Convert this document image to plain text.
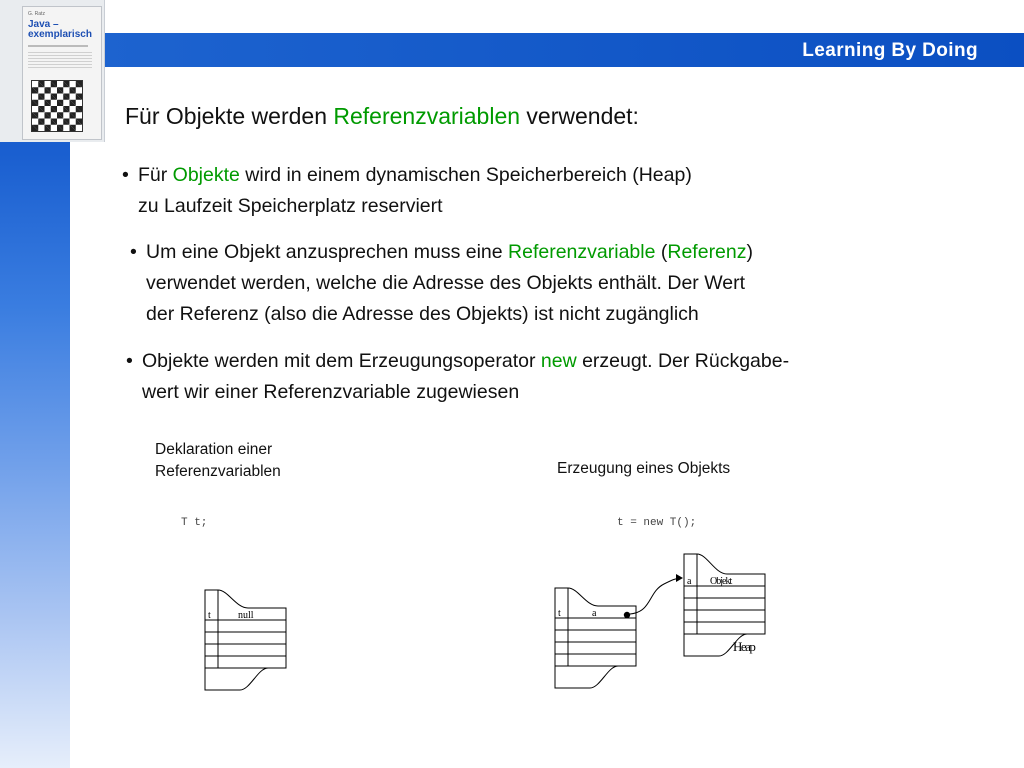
Learning By Doing
G. Ratz
Java –
exemplarisch
Für Objekte werden Referenzvariablen verwendet:
• Für Objekte wird in einem dynamischen Speicherbereich (Heap)
zu Laufzeit Speicherplatz reserviert
• Um eine Objekt anzusprechen muss eine Referenzvariable (Referenz)
verwendet werden, welche die Adresse des Objekts enthält. Der Wert
der Referenz (also die Adresse des Objekts) ist nicht zugänglich
• Objekte werden mit dem Erzeugungsoperator new erzeugt. Der Rückgabe-
wert wir einer Referenzvariable zugewiesen
Deklaration einer
Referenzvariablen	Erzeugung eines Objekts
T t;	t = new T();
t	null	t	a
a Objekt
Heap
